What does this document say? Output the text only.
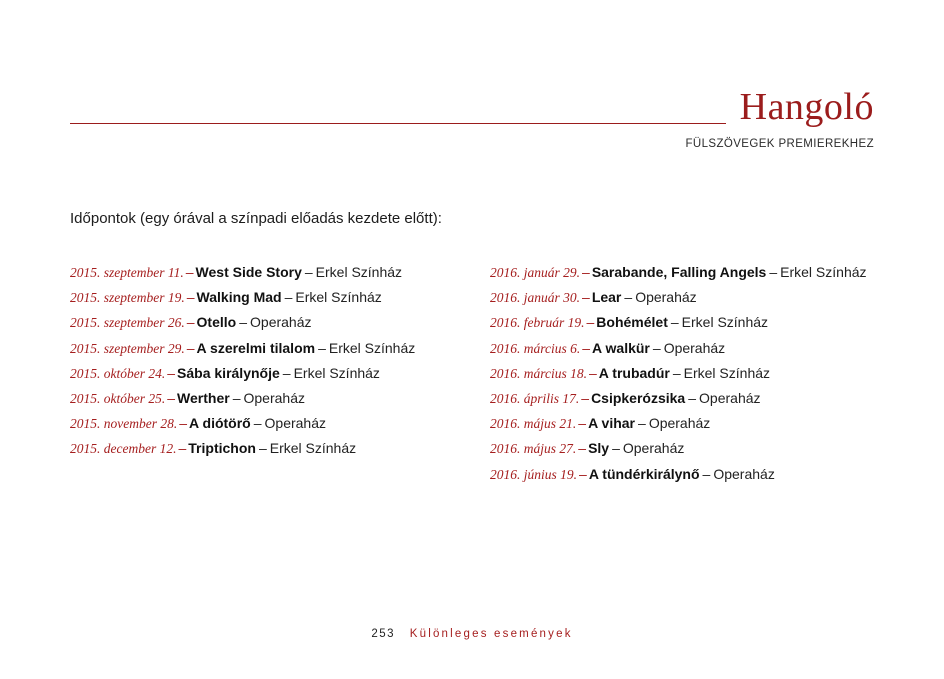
Hangoló
FÜLSZÖVEGEK PREMIEREKHEZ
Időpontok (egy órával a színpadi előadás kezdete előtt):
2015. szeptember 11. – West Side Story – Erkel Színház
2015. szeptember 19. – Walking Mad – Erkel Színház
2015. szeptember 26. – Otello – Operaház
2015. szeptember 29. – A szerelmi tilalom – Erkel Színház
2015. október 24. – Sába királynője – Erkel Színház
2015. október 25. – Werther – Operaház
2015. november 28. – A diótörő – Operaház
2015. december 12. – Triptichon – Erkel Színház
2016. január 29. – Sarabande, Falling Angels – Erkel Színház
2016. január 30. – Lear – Operaház
2016. február 19. – Bohémélet – Erkel Színház
2016. március 6. – A walkür – Operaház
2016. március 18. – A trubadúr – Erkel Színház
2016. április 17. – Csipkerózsika – Operaház
2016. május 21. – A vihar – Operaház
2016. május 27. – Sly – Operaház
2016. június 19. – A tündérkirálynő – Operaház
253 Különleges események
